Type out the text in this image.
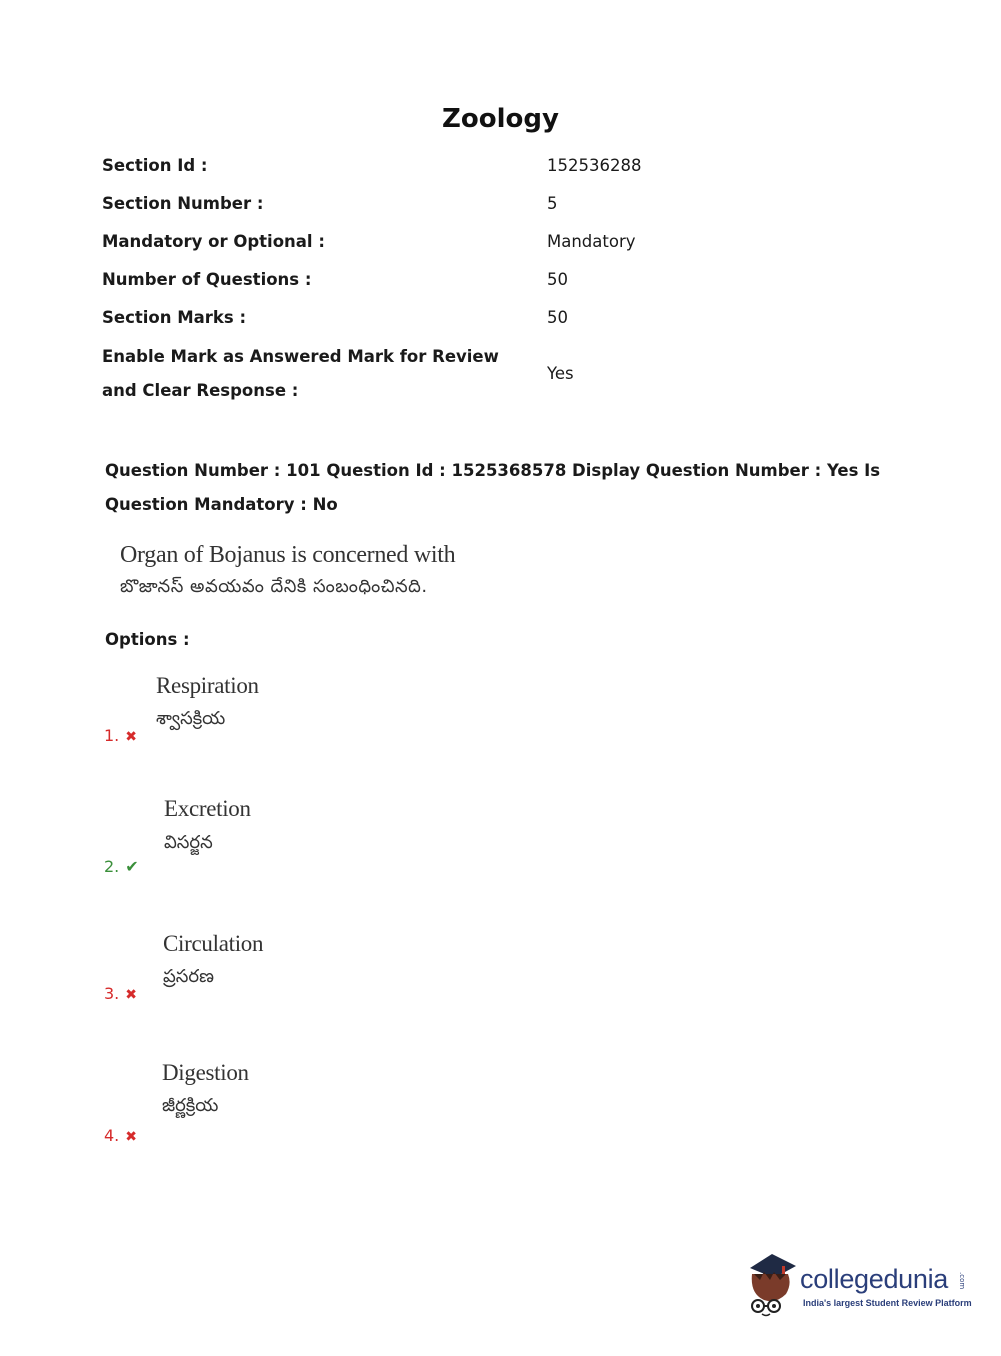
Zoology
Section Id :	152536288
Section Number :	5
Mandatory or Optional :	Mandatory
Number of Questions :	50
Section Marks :	50
Enable Mark as Answered Mark for Review and Clear Response :
Yes
Question Number : 101 Question Id : 1525368578 Display Question Number : Yes Is Question Mandatory : No
Organ of Bojanus is concerned with
బొజానస్ అవయవం దేనికి సంబంధించినది.
Options :
Respiration
శ్వాసక్రియ
1. ✖
Excretion
విసర్జన
2. ✔
Circulation
ప్రసరణ
3. ✖
Digestion
జీర్ణక్రియ
4. ✖
collegedunia .com
India's largest Student Review Platform
